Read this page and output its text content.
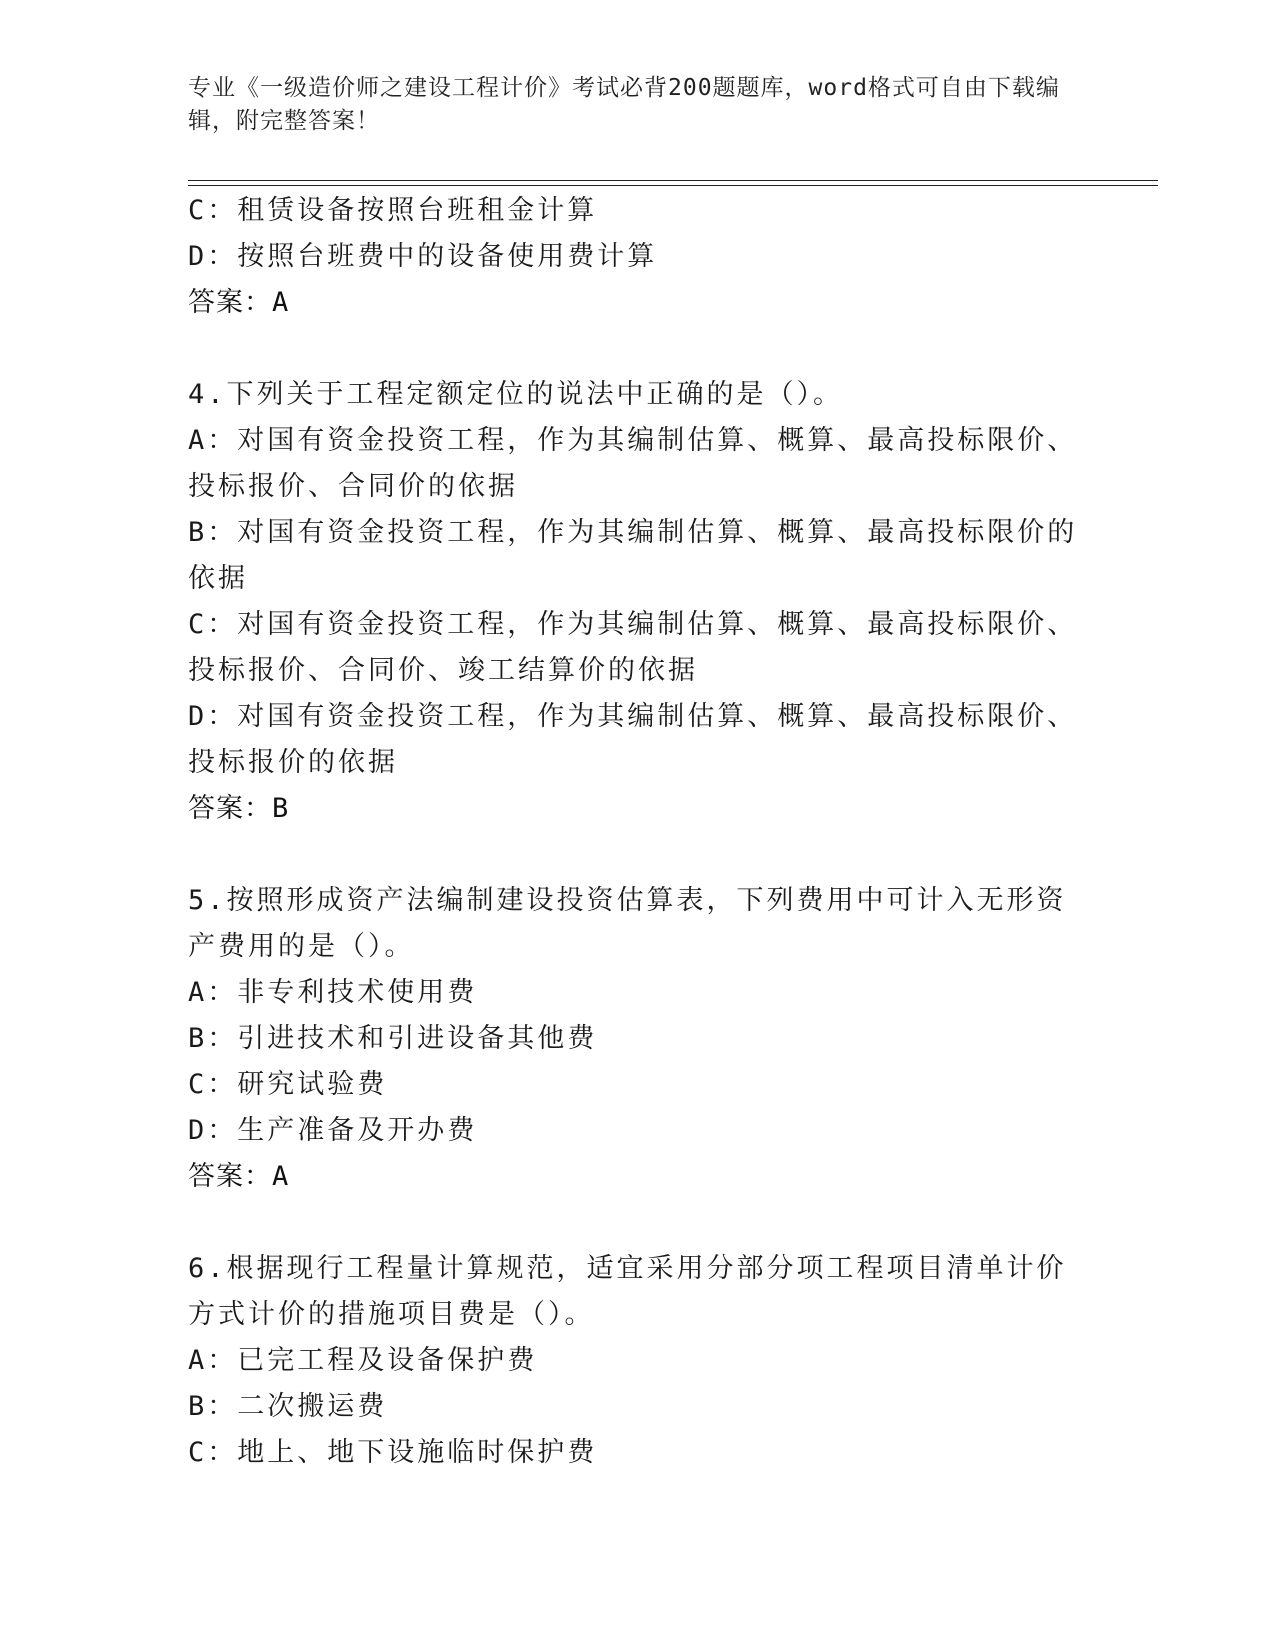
专业《一级造价师之建设工程计价》考试必背200题题库，word格式可自由下载编辑，附完整答案！
C：租赁设备按照台班租金计算
D：按照台班费中的设备使用费计算
答案：A
4.下列关于工程定额定位的说法中正确的是（）。
A：对国有资金投资工程，作为其编制估算、概算、最高投标限价、投标报价、合同价的依据
B：对国有资金投资工程，作为其编制估算、概算、最高投标限价的依据
C：对国有资金投资工程，作为其编制估算、概算、最高投标限价、投标报价、合同价、竣工结算价的依据
D：对国有资金投资工程，作为其编制估算、概算、最高投标限价、投标报价的依据
答案：B
5.按照形成资产法编制建设投资估算表，下列费用中可计入无形资产费用的是（）。
A：非专利技术使用费
B：引进技术和引进设备其他费
C：研究试验费
D：生产准备及开办费
答案：A
6.根据现行工程量计算规范，适宜采用分部分项工程项目清单计价方式计价的措施项目费是（）。
A：已完工程及设备保护费
B：二次搬运费
C：地上、地下设施临时保护费
